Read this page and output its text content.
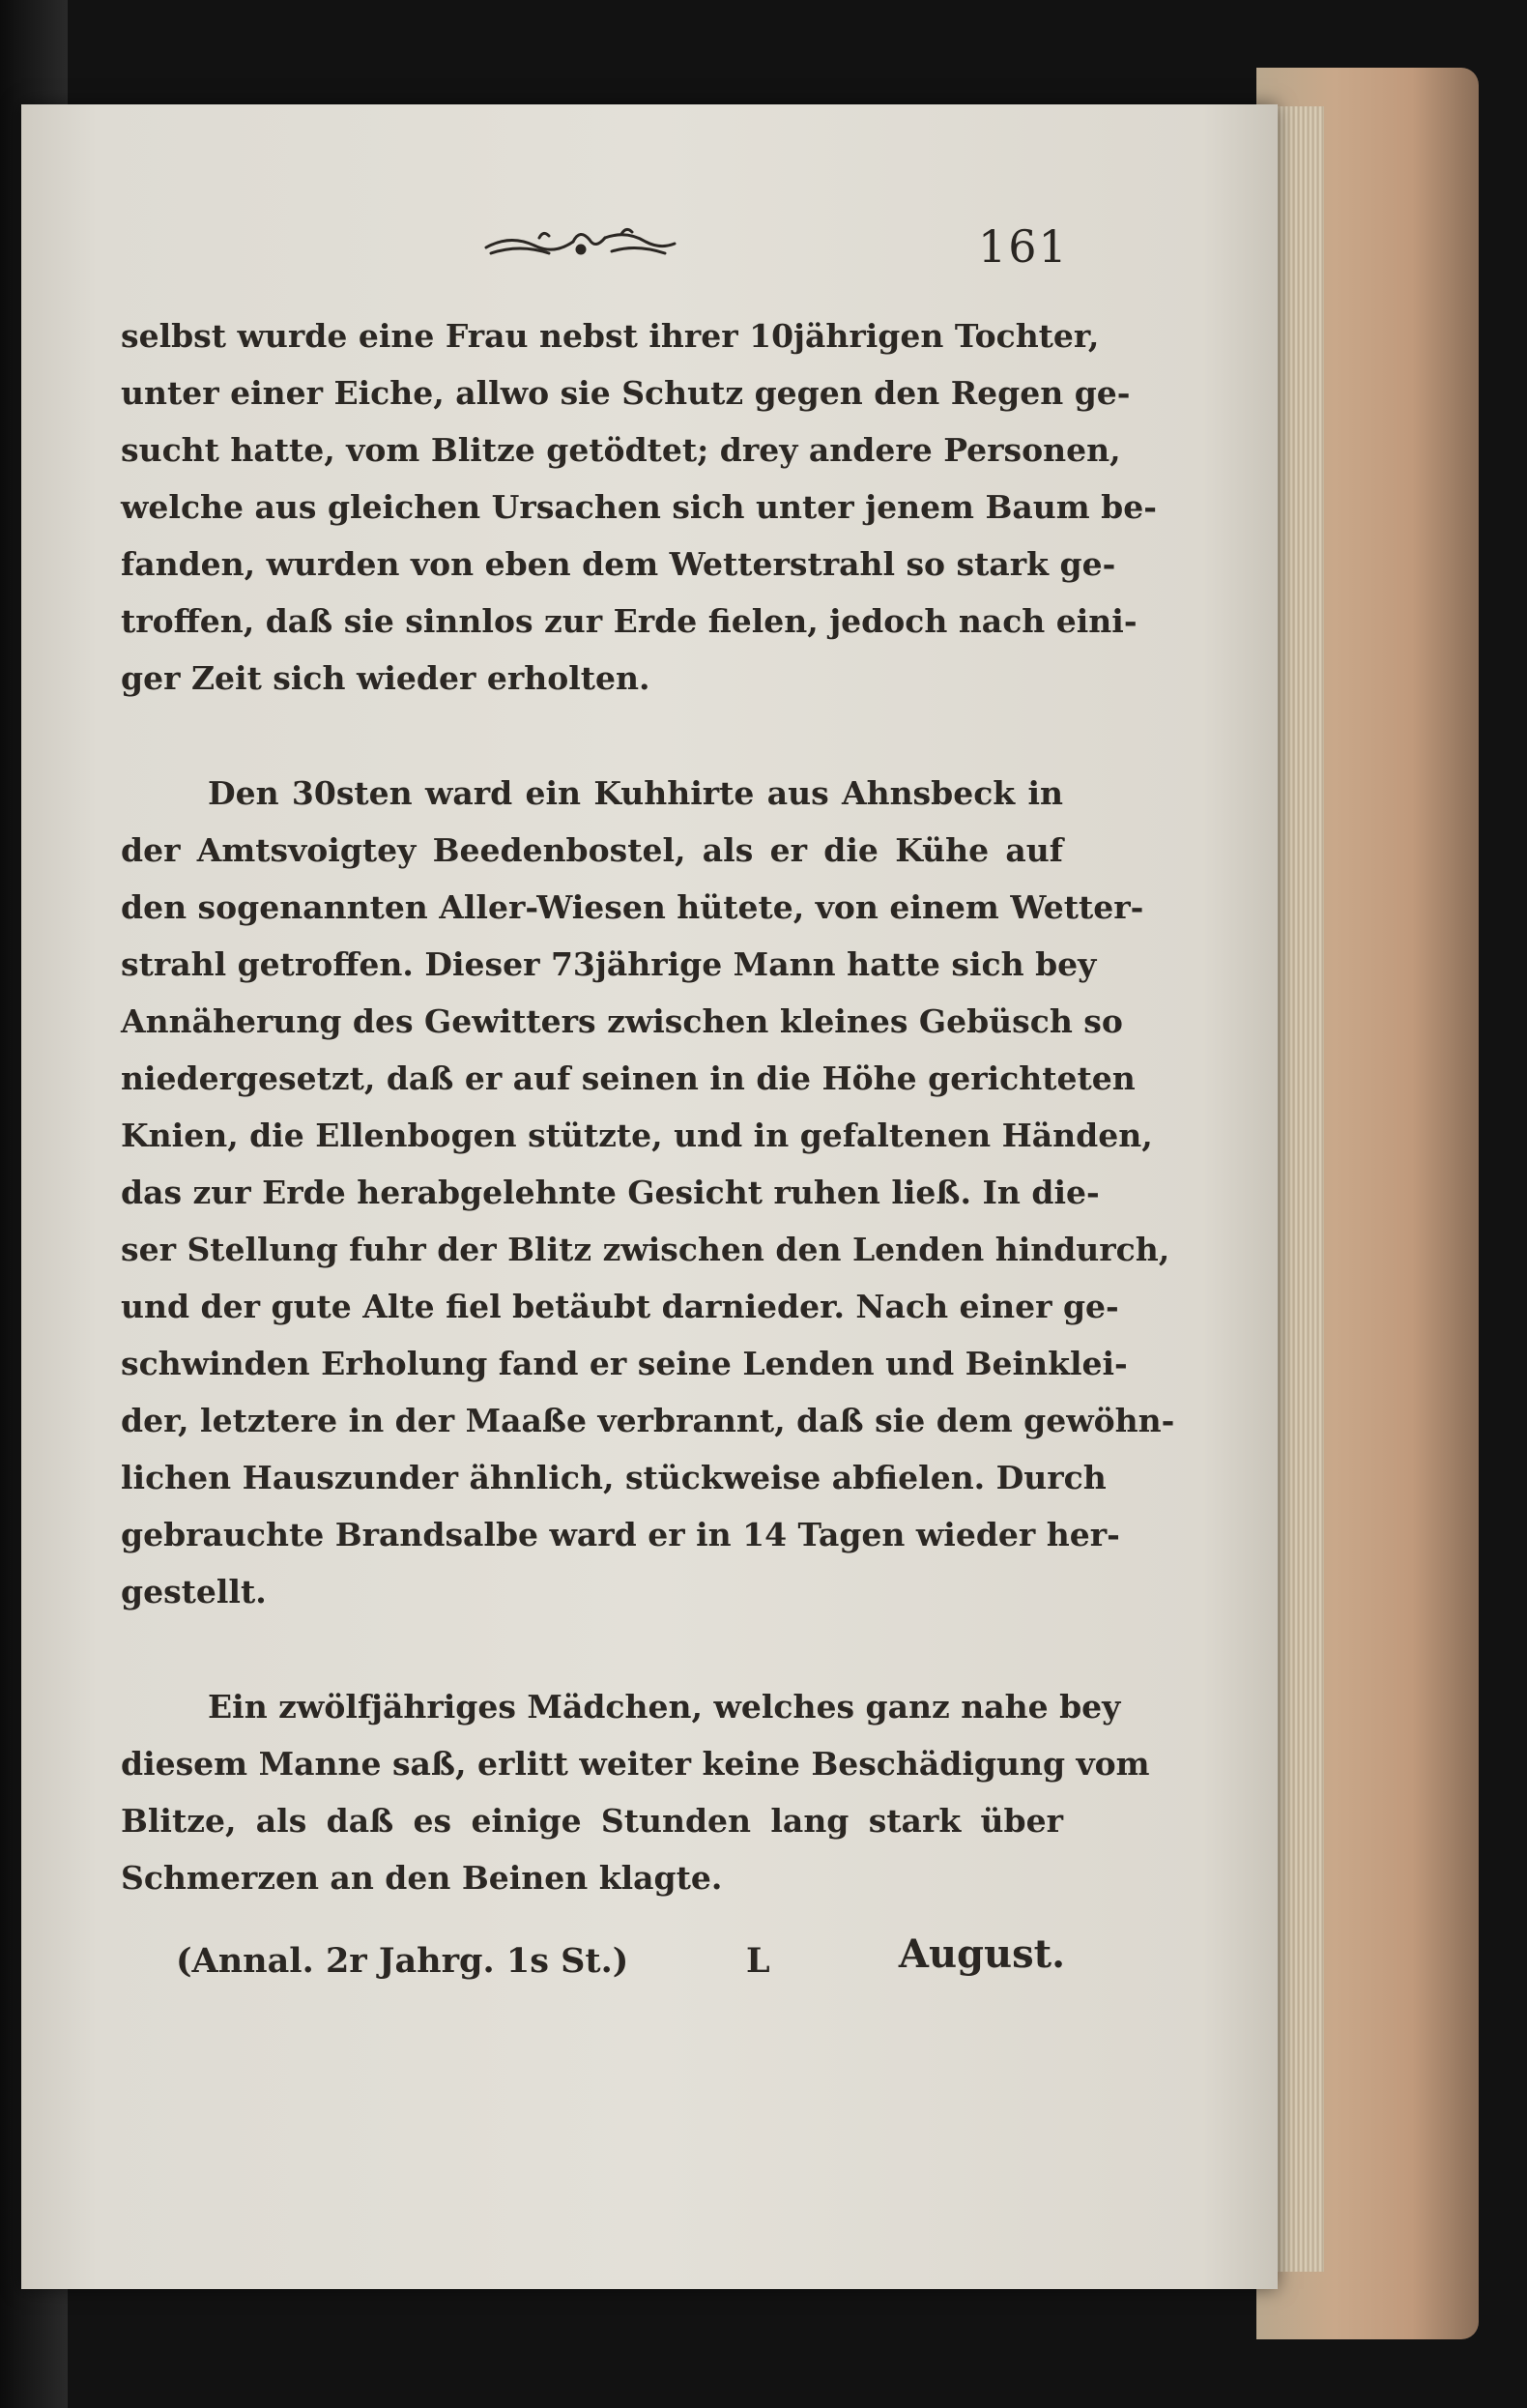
161
selbst wurde eine Frau nebst ihrer 10jährigen Tochter,
unter einer Eiche, allwo sie Schutz gegen den Regen ge-
sucht hatte, vom Blitze getödtet; drey andere Personen,
welche aus gleichen Ursachen sich unter jenem Baum be-
fanden, wurden von eben dem Wetterstrahl so stark ge-
troffen, daß sie sinnlos zur Erde fielen, jedoch nach eini-
ger Zeit sich wieder erholten.
Den 30sten ward ein Kuhhirte aus Ahnsbeck in
der Amtsvoigtey Beedenbostel, als er die Kühe auf
den sogenannten Aller-Wiesen hütete, von einem Wetter-
strahl getroffen. Dieser 73jährige Mann hatte sich bey
Annäherung des Gewitters zwischen kleines Gebüsch so
niedergesetzt, daß er auf seinen in die Höhe gerichteten
Knien, die Ellenbogen stützte, und in gefaltenen Händen,
das zur Erde herabgelehnte Gesicht ruhen ließ. In die-
ser Stellung fuhr der Blitz zwischen den Lenden hindurch,
und der gute Alte fiel betäubt darnieder. Nach einer ge-
schwinden Erholung fand er seine Lenden und Beinklei-
der, letztere in der Maaße verbrannt, daß sie dem gewöhn-
lichen Hauszunder ähnlich, stückweise abfielen. Durch
gebrauchte Brandsalbe ward er in 14 Tagen wieder her-
gestellt.
Ein zwölfjähriges Mädchen, welches ganz nahe bey
diesem Manne saß, erlitt weiter keine Beschädigung vom
Blitze, als daß es einige Stunden lang stark über
Schmerzen an den Beinen klagte.
(Annal. 2r Jahrg. 1s St.)	L	August.
